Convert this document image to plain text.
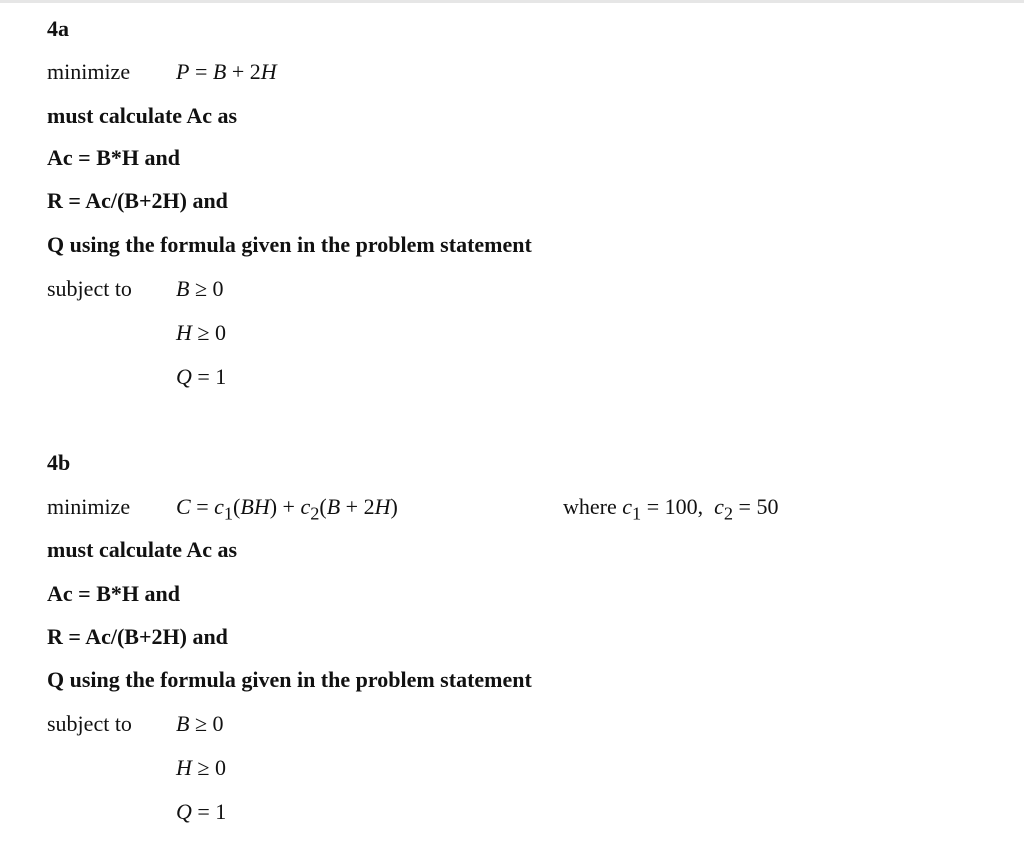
4a
minimize P = B + 2H
must calculate Ac as
Ac = B*H and
R = Ac/(B+2H) and
Q using the formula given in the problem statement
subject to B ≥ 0
H ≥ 0
Q = 1
4b
minimize $C = c_1(BH) + c_2(B + 2H)$	where $c_1 = 100$,  $c_2 = 50$
must calculate Ac as
Ac = B*H and
R = Ac/(B+2H) and
Q using the formula given in the problem statement
subject to B ≥ 0
H ≥ 0
Q = 1
